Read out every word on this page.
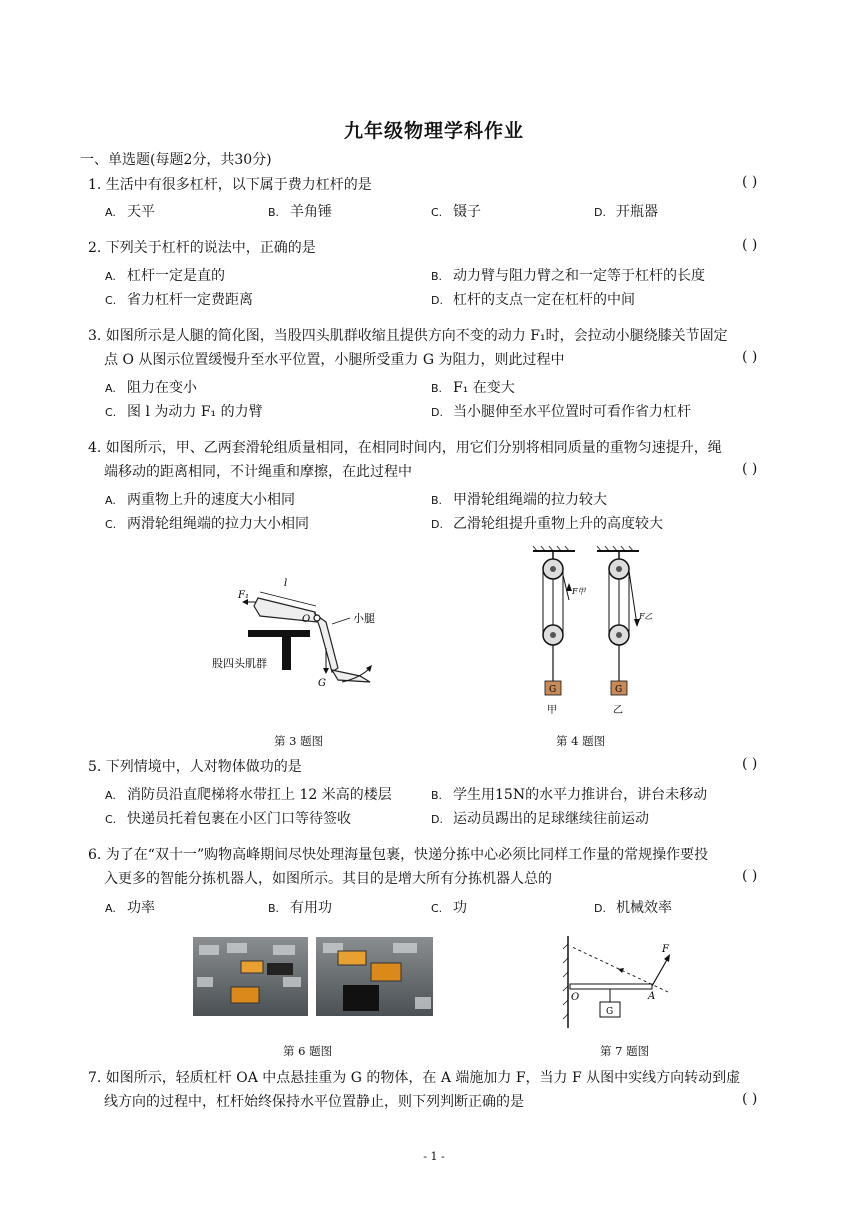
九年级物理学科作业
一、单选题(每题2分，共30分)
1. 生活中有很多杠杆，以下属于费力杠杆的是	( )
A. 天平	B. 羊角锤	C. 镊子	D. 开瓶器
2. 下列关于杠杆的说法中，正确的是	( )
A. 杠杆一定是直的	B. 动力臂与阻力臂之和一定等于杠杆的长度
C. 省力杠杆一定费距离	D. 杠杆的支点一定在杠杆的中间
3. 如图所示是人腿的简化图，当股四头肌群收缩且提供方向不变的动力 F₁时，会拉动小腿绕膝关节固定
点 O 从图示位置缓慢升至水平位置，小腿所受重力 G 为阻力，则此过程中	( )
A. 阻力在变小	B. F₁ 在变大
C. 图 l 为动力 F₁ 的力臂	D. 当小腿伸至水平位置时可看作省力杠杆
4. 如图所示，甲、乙两套滑轮组质量相同，在相同时间内，用它们分别将相同质量的重物匀速提升，绳
端移动的距离相同，不计绳重和摩擦，在此过程中	( )
A. 两重物上升的速度大小相同	B. 甲滑轮组绳端的拉力较大
C. 两滑轮组绳端的拉力大小相同	D. 乙滑轮组提升重物上升的高度较大
l
F₁
O	小腿
股四头肌群
G
第 3 题图
F甲
F乙
G	G
甲	乙
第 4 题图
5. 下列情境中，人对物体做功的是	( )
A. 消防员沿直爬梯将水带扛上 12 米高的楼层	B. 学生用15N的水平力推讲台，讲台未移动
C. 快递员托着包裹在小区门口等待签收	D. 运动员踢出的足球继续往前运动
6. 为了在“双十一”购物高峰期间尽快处理海量包裹，快递分拣中心必须比同样工作量的常规操作要投
入更多的智能分拣机器人，如图所示。其目的是增大所有分拣机器人总的	( )
A. 功率	B. 有用功	C. 功	D. 机械效率
第 6 题图
F
O	A
G
第 7 题图
7. 如图所示，轻质杠杆 OA 中点悬挂重为 G 的物体，在 A 端施加力 F，当力 F 从图中实线方向转动到虚
线方向的过程中，杠杆始终保持水平位置静止，则下列判断正确的是	( )
- 1 -
